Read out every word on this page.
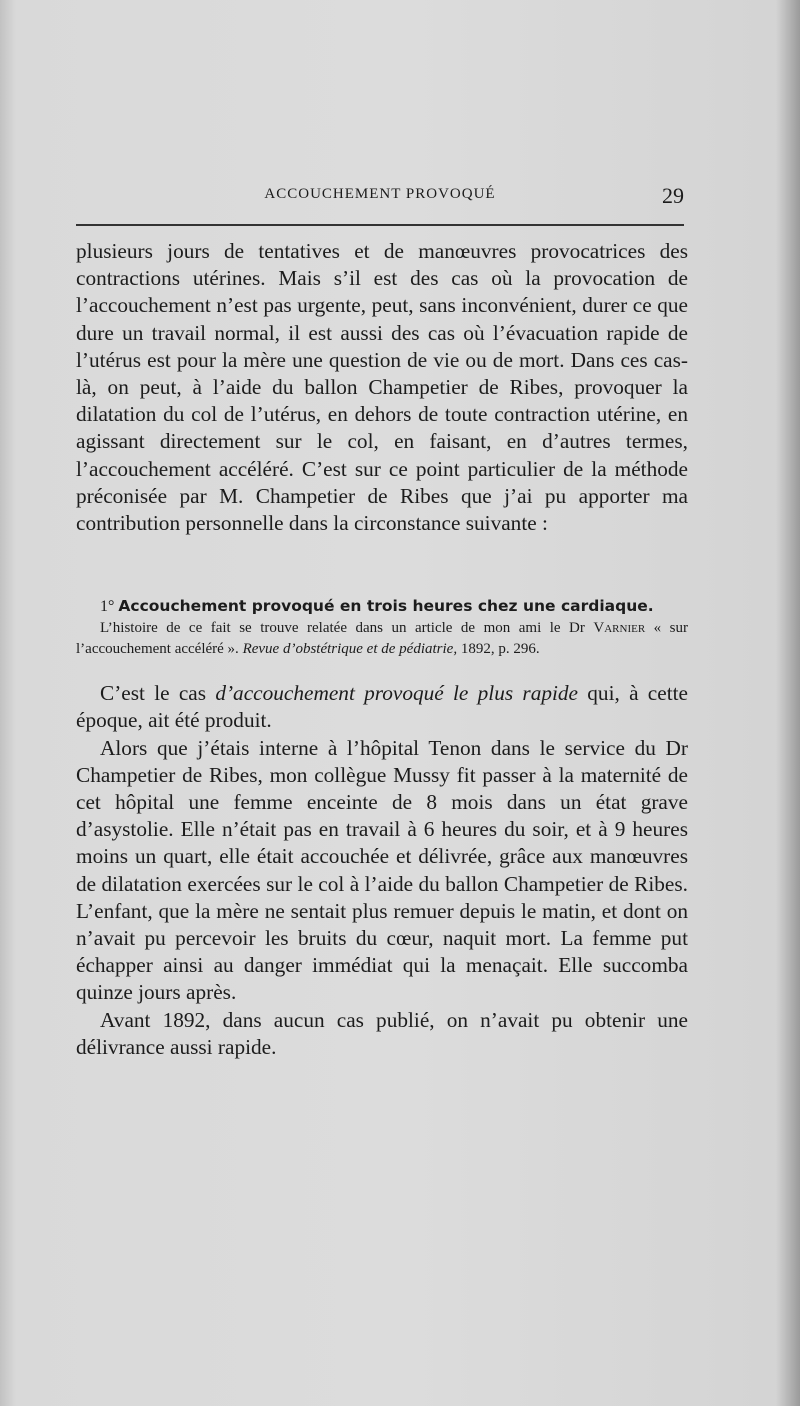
ACCOUCHEMENT PROVOQUÉ	29

plusieurs jours de tentatives et de manœuvres provocatrices des contractions utérines. Mais s’il est des cas où la provocation de l’accouchement n’est pas urgente, peut, sans inconvénient, durer ce que dure un travail normal, il est aussi des cas où l’évacuation rapide de l’utérus est pour la mère une question de vie ou de mort. Dans ces cas-là, on peut, à l’aide du ballon Champetier de Ribes, provoquer la dilatation du col de l’utérus, en dehors de toute contraction utérine, en agissant directement sur le col, en faisant, en d’autres termes, l’accouchement accéléré. C’est sur ce point particulier de la méthode préconisée par M. Champetier de Ribes que j’ai pu apporter ma contribution personnelle dans la circonstance suivante :

1° Accouchement provoqué en trois heures chez une cardiaque.

L’histoire de ce fait se trouve relatée dans un article de mon ami le Dr Varnier « sur l’accouchement accéléré ». Revue d’obstétrique et de pédiatrie, 1892, p. 296.

C’est le cas d’accouchement provoqué le plus rapide qui, à cette époque, ait été produit.

Alors que j’étais interne à l’hôpital Tenon dans le service du Dr Champetier de Ribes, mon collègue Mussy fit passer à la maternité de cet hôpital une femme enceinte de 8 mois dans un état grave d’asystolie. Elle n’était pas en travail à 6 heures du soir, et à 9 heures moins un quart, elle était accouchée et délivrée, grâce aux manœuvres de dilatation exercées sur le col à l’aide du ballon Champetier de Ribes. L’enfant, que la mère ne sentait plus remuer depuis le matin, et dont on n’avait pu percevoir les bruits du cœur, naquit mort. La femme put échapper ainsi au danger immédiat qui la menaçait. Elle succomba quinze jours après.

Avant 1892, dans aucun cas publié, on n’avait pu obtenir une délivrance aussi rapide.
